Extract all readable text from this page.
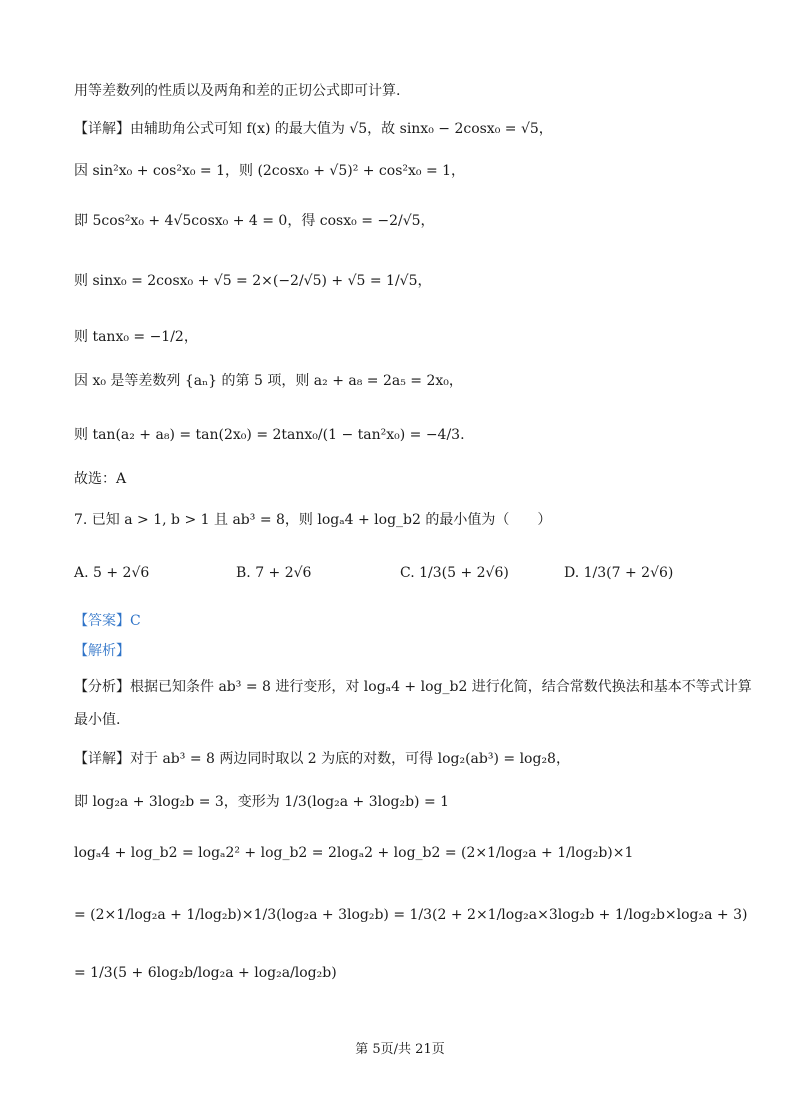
用等差数列的性质以及两角和差的正切公式即可计算.
【详解】由辅助角公式可知 f(x) 的最大值为 √5，故 sinx₀ − 2cosx₀ = √5，
因 sin²x₀ + cos²x₀ = 1，则 (2cosx₀ + √5)² + cos²x₀ = 1，
即 5cos²x₀ + 4√5cosx₀ + 4 = 0，得 cosx₀ = −2/√5，
则 sinx₀ = 2cosx₀ + √5 = 2×(−2/√5) + √5 = 1/√5，
则 tanx₀ = −1/2，
因 x₀ 是等差数列 {aₙ} 的第 5 项，则 a₂ + a₈ = 2a₅ = 2x₀，
则 tan(a₂ + a₈) = tan(2x₀) = 2tanx₀/(1 − tan²x₀) = −4/3.
故选：A
7. 已知 a > 1, b > 1 且 ab³ = 8，则 logₐ4 + log_b2 的最小值为（　　）
A. 5 + 2√6	B. 7 + 2√6	C. 1/3(5 + 2√6)	D. 1/3(7 + 2√6)
【答案】C
【解析】
【分析】根据已知条件 ab³ = 8 进行变形，对 logₐ4 + log_b2 进行化简，结合常数代换法和基本不等式计算
最小值.
【详解】对于 ab³ = 8 两边同时取以 2 为底的对数，可得 log₂(ab³) = log₂8，
即 log₂a + 3log₂b = 3，变形为 1/3(log₂a + 3log₂b) = 1
logₐ4 + log_b2 = logₐ2² + log_b2 = 2logₐ2 + log_b2 = (2×1/log₂a + 1/log₂b)×1
= (2×1/log₂a + 1/log₂b)×1/3(log₂a + 3log₂b) = 1/3(2 + 2×1/log₂a×3log₂b + 1/log₂b×log₂a + 3)
= 1/3(5 + 6log₂b/log₂a + log₂a/log₂b)
第 5页/共 21页
